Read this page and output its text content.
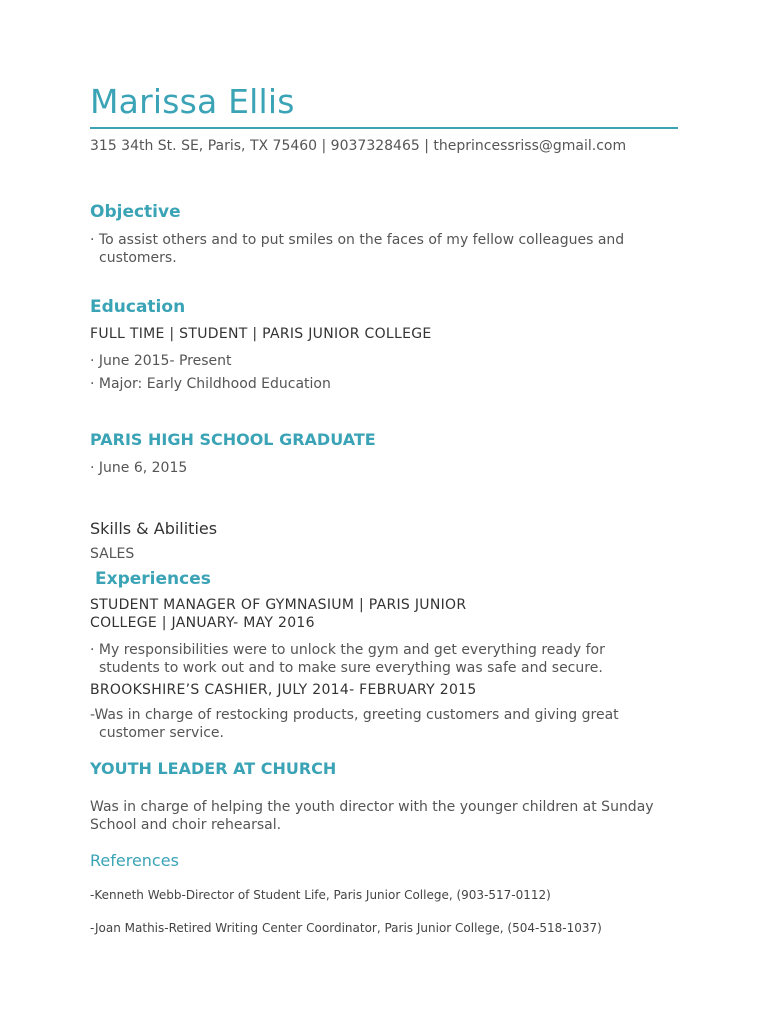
Marissa Ellis
315 34th St. SE, Paris, TX 75460 | 9037328465 | theprincessriss@gmail.com
Objective
· To assist others and to put smiles on the faces of my fellow colleagues and
customers.
Education
FULL TIME | STUDENT | PARIS JUNIOR COLLEGE
· June 2015- Present
· Major: Early Childhood Education
PARIS HIGH SCHOOL GRADUATE
· June 6, 2015
Skills & Abilities
SALES
Experiences
STUDENT MANAGER OF GYMNASIUM | PARIS JUNIOR
COLLEGE | JANUARY- MAY 2016
· My responsibilities were to unlock the gym and get everything ready for
students to work out and to make sure everything was safe and secure.
BROOKSHIRE’S CASHIER, JULY 2014- FEBRUARY 2015
-Was in charge of restocking products, greeting customers and giving great
customer service.
YOUTH LEADER AT CHURCH
Was in charge of helping the youth director with the younger children at Sunday
School and choir rehearsal.
References
-Kenneth Webb-Director of Student Life, Paris Junior College, (903-517-0112)
-Joan Mathis-Retired Writing Center Coordinator, Paris Junior College, (504-518-1037)
